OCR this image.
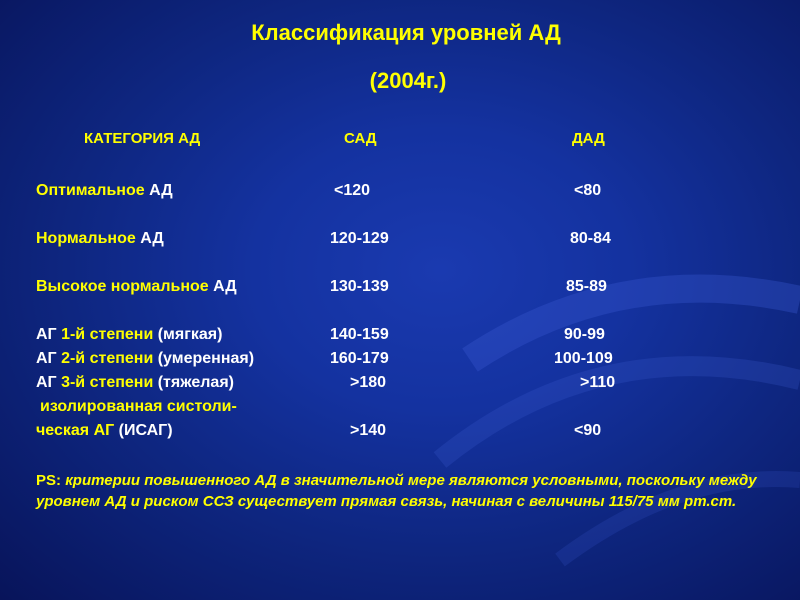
Классификация уровней АД
(2004г.)
КАТЕГОРИЯ АД	САД	ДАД
Оптимальное АД	<120	<80
Нормальное АД	120-129	80-84
Высокое нормальное АД	130-139	85-89
АГ 1-й степени (мягкая)	140-159	90-99
АГ 2-й степени (умеренная)	160-179	100-109
АГ 3-й степени (тяжелая)	>180	>110
изолированная систоли-
ческая АГ (ИСАГ)	>140	<90
PS: критерии повышенного АД в значительной мере являются условными, поскольку между уровнем АД и риском ССЗ существует прямая связь, начиная с величины 115/75 мм рт.ст.
